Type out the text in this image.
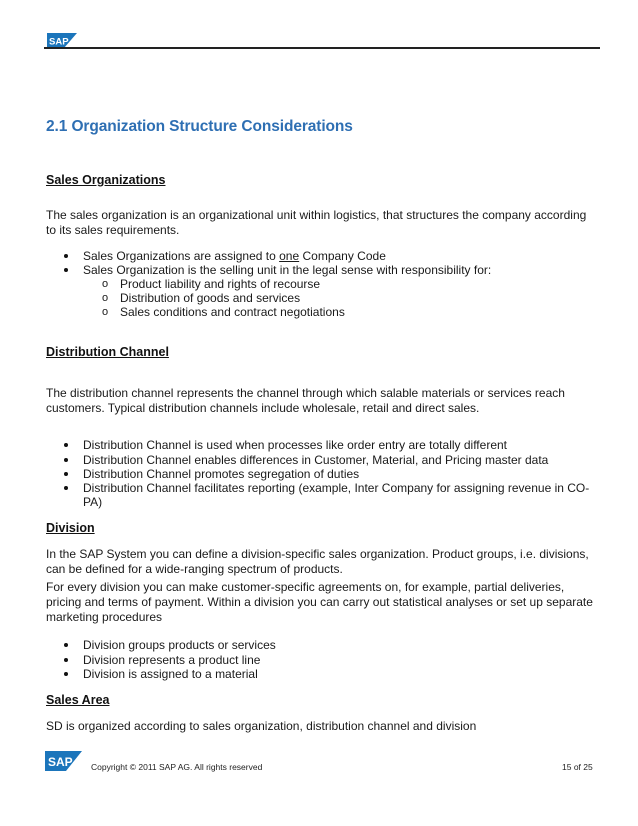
SAP
2.1 Organization Structure Considerations
Sales Organizations

The sales organization is an organizational unit within logistics, that structures the company according to its sales requirements.

Sales Organizations are assigned to one Company Code
Sales Organization is the selling unit in the legal sense with responsibility for:
o Product liability and rights of recourse
o Distribution of goods and services
o Sales conditions and contract negotiations
Distribution Channel

The distribution channel represents the channel through which salable materials or services reach customers. Typical distribution channels include wholesale, retail and direct sales.

Distribution Channel is used when processes like order entry are totally different
Distribution Channel enables differences in Customer, Material, and Pricing master data
Distribution Channel promotes segregation of duties
Distribution Channel facilitates reporting (example, Inter Company for assigning revenue in CO-PA)
Division

In the SAP System you can define a division-specific sales organization. Product groups, i.e. divisions, can be defined for a wide-ranging spectrum of products.

For every division you can make customer-specific agreements on, for example, partial deliveries, pricing and terms of payment. Within a division you can carry out statistical analyses or set up separate marketing procedures

Division groups products or services
Division represents a product line
Division is assigned to a material
Sales Area

SD is organized according to sales organization, distribution channel and division

SAP Copyright © 2011 SAP AG. All rights reserved	15 of 25
